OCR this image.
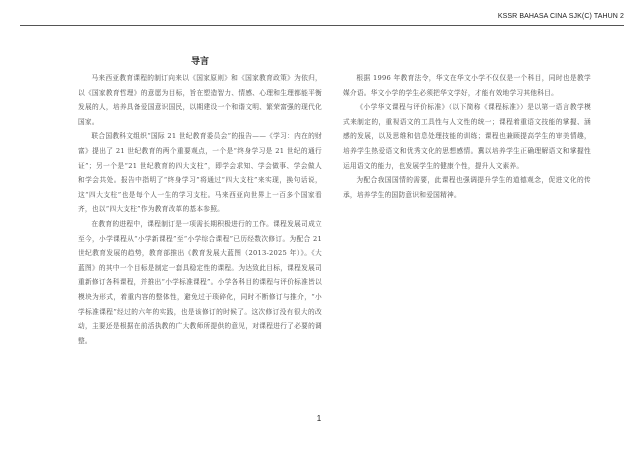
KSSR BAHASA CINA SJK(C) TAHUN 2
导言

马来西亚教育课程的制订向来以《国家原则》和《国家教育政策》为依归，以《国家教育哲理》的意愿为目标，旨在塑造智力、情感、心理和生理都能平衡发展的人，培养具备爱国意识国民，以期建设一个和谐文明、繁荣富强的现代化国家。

联合国教科文组织“国际 21 世纪教育委员会”的报告——《学习：内在的财富》提出了 21 世纪教育的两个重要观点，一个是“终身学习是 21 世纪的通行证”；另一个是“21 世纪教育的四大支柱”，即学会求知、学会做事、学会做人和学会共处。报告中指明了“终身学习”将通过“四大支柱”来实现，换句话说，这“四大支柱”也是每个人一生的学习支柱。马来西亚向世界上一百多个国家看齐，也以“四大支柱”作为教育改革的基本参照。

在教育的进程中，课程制订是一项需长期积极进行的工作。课程发展司成立至今，小学课程从“小学新课程”至“小学综合课程”已历经数次修订。为配合 21 世纪教育发展的趋势，教育部推出《教育发展大蓝图（2013-2025 年）》。《大蓝图》的其中一个目标是制定一套具稳定性的课程。为达致此目标，课程发展司重新修订各科课程，并推出“小学标准课程”。小学各科目的课程与评价标准皆以模块为形式，着重内容的整体性，避免过于琐碎化，同时不断修订与推介，“小学标准课程”经过的六年的实践，也是该修订的时候了。这次修订没有很大的改动，主要还是根据在前活执教的广大教师所提供的意见，对课程进行了必要的调整。

根据 1996 年教育法令，华文在华文小学不仅仅是一个科目，同时也是教学媒介语。华文小学的学生必须把华文学好，才能有效地学习其他科目。

《小学华文课程与评价标准》（以下简称《课程标准》）是以第一语言教学模式来制定的，重视语文的工具性与人文性的统一；课程着重语文技能的掌握、涵感的发展，以及思维和信息处理技能的训练；课程也兼顾提高学生的审美情趣，培养学生热爱语文和优秀文化的思想感情。冀以培养学生正确理解语文和掌握性运用语文的能力，也发展学生的健康个性，提升人文素养。

为配合我国国情的需要，此课程也强调提升学生的道德观念，促进文化的传承，培养学生的国防意识和爱国精神。

1
